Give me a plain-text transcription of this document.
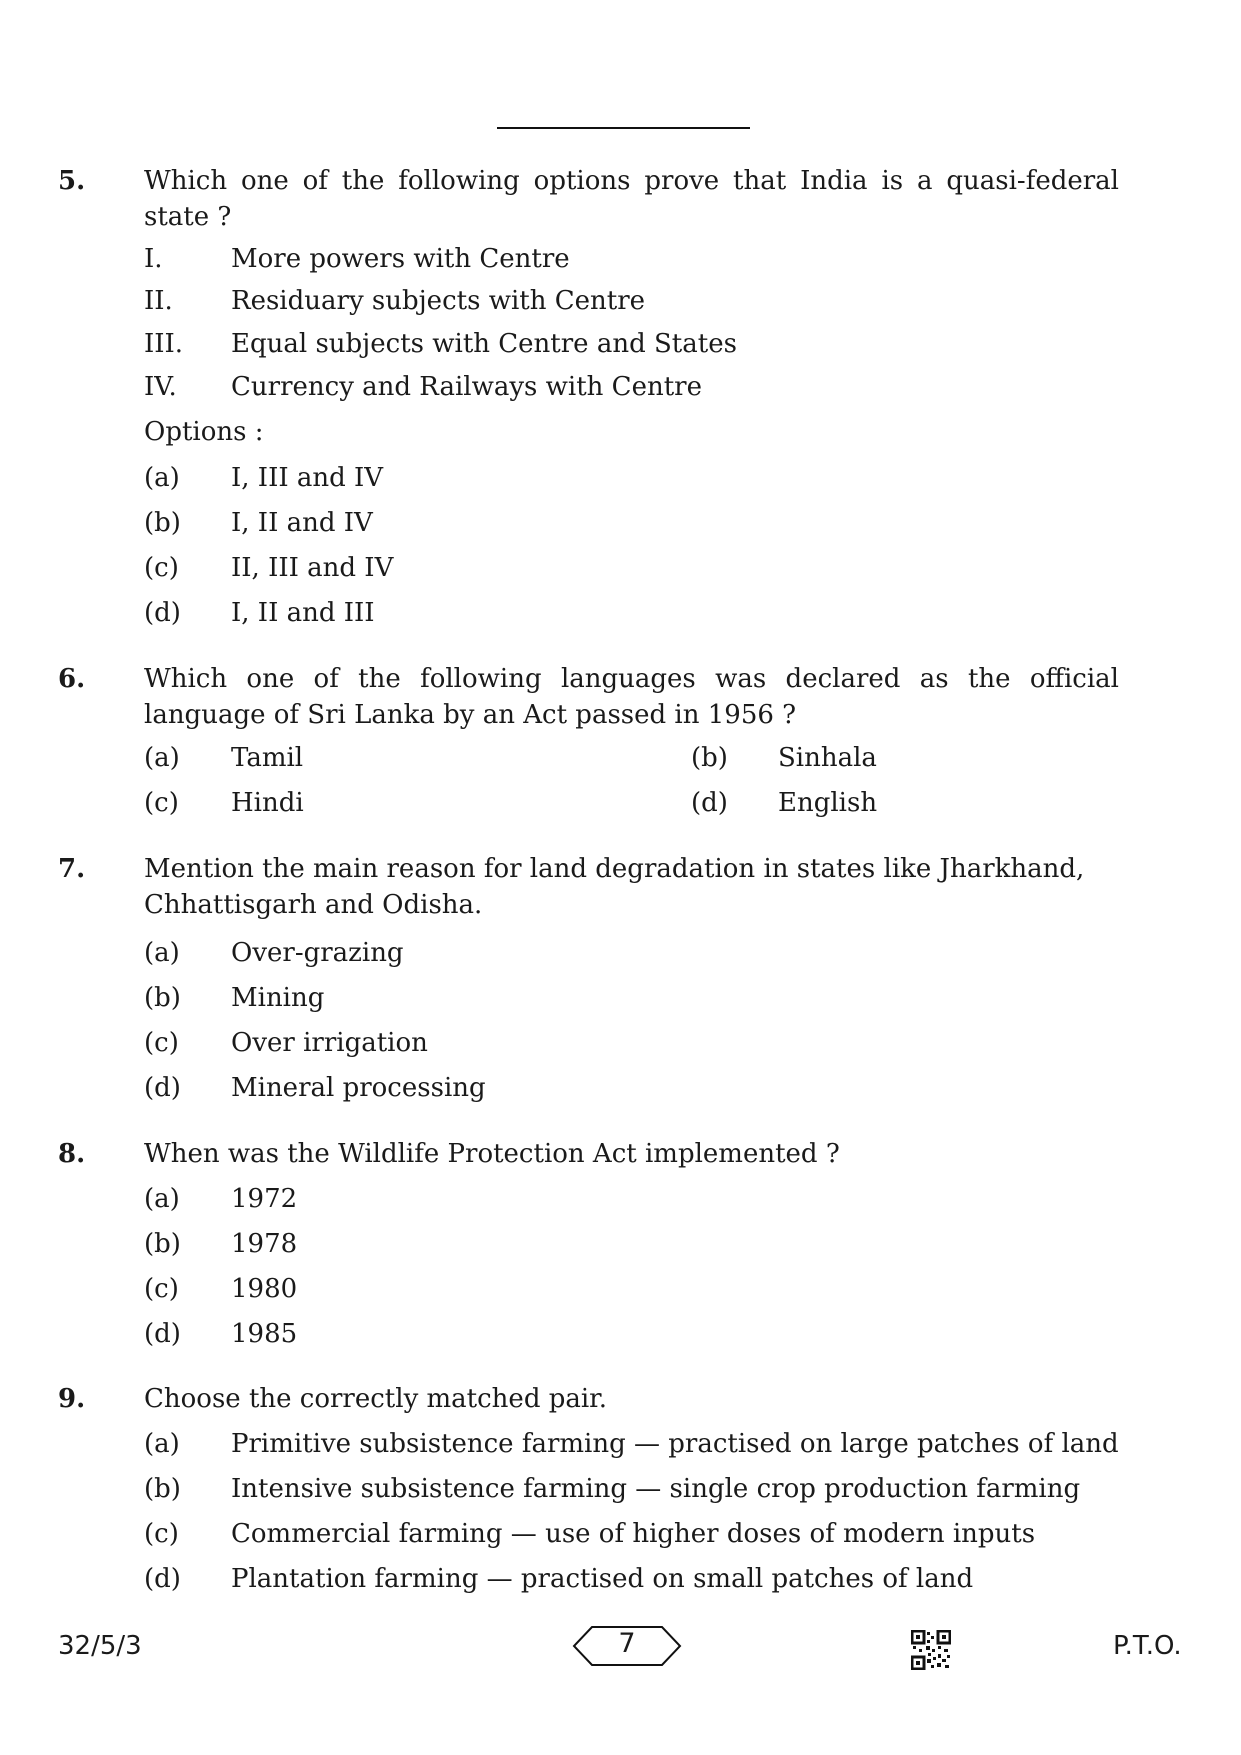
5. Which one of the following options prove that India is a quasi-federal state ?
I.	More powers with Centre
II. Residuary subjects with Centre
III. Equal subjects with Centre and States
IV. Currency and Railways with Centre
Options :
(a) I, III and IV
(b) I, II and IV
(c) II, III and IV
(d) I, II and III
6. Which one of the following languages was declared as the official language of Sri Lanka by an Act passed in 1956 ?
(a) Tamil	(b) Sinhala
(c) Hindi	(d) English
7. Mention the main reason for land degradation in states like Jharkhand, Chhattisgarh and Odisha.
(a) Over-grazing
(b) Mining
(c) Over irrigation
(d) Mineral processing
8. When was the Wildlife Protection Act implemented ?
(a) 1972
(b) 1978
(c) 1980
(d) 1985
9. Choose the correctly matched pair.
(a) Primitive subsistence farming — practised on large patches of land
(b) Intensive subsistence farming — single crop production farming
(c) Commercial farming — use of higher doses of modern inputs
(d) Plantation farming — practised on small patches of land
32/5/3	7	P.T.O.
